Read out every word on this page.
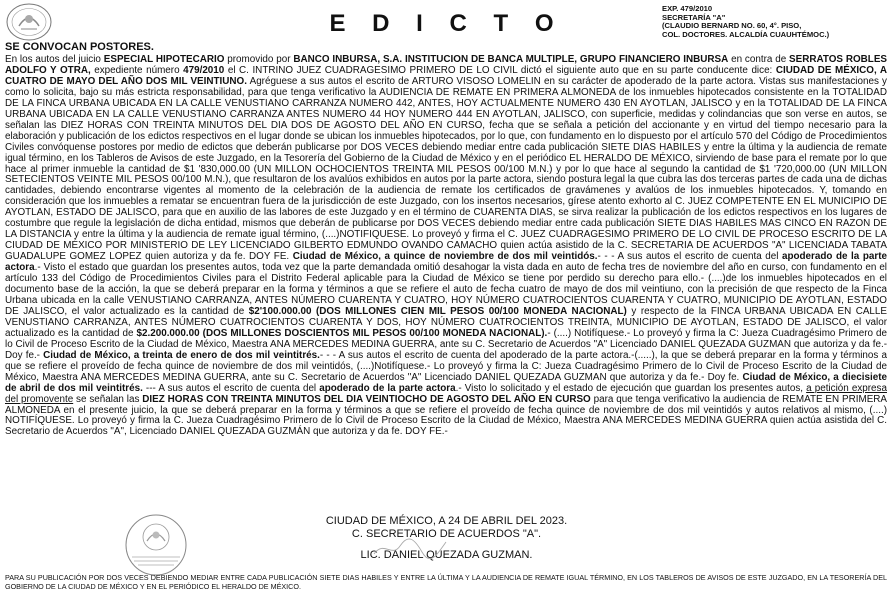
E D I C T O
EXP. 479/2010
SECRETARÍA "A"
(CLAUDIO BERNARD NO. 60, 4°. PISO,
COL. DOCTORES. ALCALDÍA CUAUHTÉMOC.)
SE CONVOCAN POSTORES.
En los autos del juicio ESPECIAL HIPOTECARIO promovido por BANCO INBURSA, S.A. INSTITUCION DE BANCA MULTIPLE, GRUPO FINANCIERO INBURSA en contra de SERRATOS ROBLES ADOLFO Y OTRA, expediente número 479/2010 el C. INTRINO JUEZ CUADRAGESIMO PRIMERO DE LO CIVIL dictó el siguiente auto que en su parte conducente dice: CIUDAD DE MÉXICO, A CUATRO DE MAYO DEL AÑO DOS MIL VEINTIUNO. Agréguese a sus autos el escrito de ARTURO VISOSO LOMELIN en su carácter de apoderado de la parte actora. Vistas sus manifestaciones y como lo solicita, bajo su más estricta responsabilidad, para que tenga verificativo la AUDIENCIA DE REMATE EN PRIMERA ALMONEDA de los inmuebles hipotecados consistente en la TOTALIDAD DE LA FINCA URBANA UBICADA EN LA CALLE VENUSTIANO CARRANZA NUMERO 442, ANTES, HOY ACTUALMENTE NUMERO 430 EN AYOTLAN, JALISCO y en la TOTALIDAD DE LA FINCA URBANA UBICADA EN LA CALLE VENUSTIANO CARRANZA ANTES NUMERO 44 HOY NUMERO 444 EN AYOTLAN, JALISCO, con superficie, medidas y colindancias que son verse en autos, se señalan las DIEZ HORAS CON TREINTA MINUTOS DEL DIA DOS DE AGOSTO DEL AÑO EN CURSO, fecha que se señala a petición del accionante y en virtud del tiempo necesario para la elaboración y publicación de los edictos respectivos en el lugar donde se ubican los inmuebles hipotecados, por lo que, con fundamento en lo dispuesto por el artículo 570 del Código de Procedimientos Civiles convóquense postores por medio de edictos que deberán publicarse por DOS VECES debiendo mediar entre cada publicación SIETE DIAS HABILES y entre la última y la audiencia de remate igual término, en los Tableros de Avisos de este Juzgado, en la Tesorería del Gobierno de la Ciudad de México y en el periódico EL HERALDO DE MÉXICO, sirviendo de base para el remate por lo que hace al primer inmueble la cantidad de $1 '830,000.00 (UN MILLON OCHOCIENTOS TREINTA MIL PESOS 00/100 M.N.) y por lo que hace al segundo la cantidad de $1 '720,000.00 (UN MILLON SETECIENTOS VEINTE MIL PESOS 00/100 M.N.), que resultaron de los avalúos exhibidos en autos por la parte actora, siendo postura legal la que cubra las dos terceras partes de cada una de dichas cantidades, debiendo encontrarse vigentes al momento de la celebración de la audiencia de remate los certificados de gravámenes y avalúos de los inmuebles hipotecados. Y, tomando en consideración que los inmuebles a rematar se encuentran fuera de la jurisdicción de este Juzgado, con los insertos necesarios, gírese atento exhorto al C. JUEZ COMPETENTE EN EL MUNICIPIO DE AYOTLAN, ESTADO DE JALISCO, para que en auxilio de las labores de este Juzgado y en el término de CUARENTA DIAS, se sirva realizar la publicación de los edictos respectivos en los lugares de costumbre que regule la legislación de dicha entidad, mismos que deberán de publicarse por DOS VECES debiendo mediar entre cada publicación SIETE DIAS HABILES MAS CINCO EN RAZON DE LA DISTANCIA y entre la última y la audiencia de remate igual término, (....)NOTIFIQUESE. Lo proveyó y firma el C. JUEZ CUADRAGESIMO PRIMERO DE LO CIVIL DE PROCESO ESCRITO DE LA CIUDAD DE MÉXICO POR MINISTERIO DE LEY LICENCIADO GILBERTO EDMUNDO OVANDO CAMACHO quien actúa asistido de la C. SECRETARIA DE ACUERDOS "A" LICENCIADA TABATA GUADALUPE GOMEZ LOPEZ quien autoriza y da fe. DOY FE. Ciudad de México, a quince de noviembre de dos mil veintidós.- - - A sus autos el escrito de cuenta del apoderado de la parte actora.- Visto el estado que guardan los presentes autos, toda vez que la parte demandada omitió desahogar la vista dada en auto de fecha tres de noviembre del año en curso, con fundamento en el artículo 133 del Código de Procedimientos Civiles para el Distrito Federal aplicable para la Ciudad de México se tiene por perdido su derecho para ello.- (....)de los inmuebles hipotecados en el documento base de la acción, la que se deberá preparar en la forma y términos a que se refiere el auto de fecha cuatro de mayo de dos mil veintiuno, con la precisión de que respecto de la Finca Urbana ubicada en la calle VENUSTIANO CARRANZA, ANTES NÚMERO CUARENTA Y CUATRO, HOY NÚMERO CUATROCIENTOS CUARENTA Y CUATRO, MUNICIPIO DE AYOTLAN, ESTADO DE JALISCO, el valor actualizado es la cantidad de $2'100.000.00 (DOS MILLONES CIEN MIL PESOS 00/100 MONEDA NACIONAL) y respecto de la FINCA URBANA UBICADA EN CALLE VENUSTIANO CARRANZA, ANTES NÚMERO CUATROCIENTOS CUARENTA Y DOS, HOY NÚMERO CUATROCIENTOS TREINTA, MUNICIPIO DE AYOTLAN, ESTADO DE JALISCO, el valor actualizado es la cantidad de $2.200.000.00 (DOS MILLONES DOSCIENTOS MIL PESOS 00/100 MONEDA NACIONAL).- (....) Notifíquese.- Lo proveyó y firma la C: Jueza Cuadragésimo Primero de lo Civil de Proceso Escrito de la Ciudad de México, Maestra ANA MERCEDES MEDINA GUERRA, ante su C. Secretario de Acuerdos "A" Licenciado DANIEL QUEZADA GUZMAN que autoriza y da fe.- Doy fe.- Ciudad de México, a treinta de enero de dos mil veintitrés.- - - A sus autos el escrito de cuenta del apoderado de la parte actora.-(.....), la que se deberá preparar en la forma y términos a que se refiere el proveído de fecha quince de noviembre de dos mil veintidós, (....)Notifíquese.- Lo proveyó y firma la C: Jueza Cuadragésimo Primero de lo Civil de Proceso Escrito de la Ciudad de México, Maestra ANA MERCEDES MEDINA GUERRA, ante su C. Secretario de Acuerdos "A" Licenciado DANIEL QUEZADA GUZMAN que autoriza y da fe.- Doy fe. Ciudad de México, a diecisiete de abril de dos mil veintitrés. --- A sus autos el escrito de cuenta del apoderado de la parte actora.- Visto lo solicitado y el estado de ejecución que guardan los presentes autos, a petición expresa del promovente se señalan las DIEZ HORAS CON TREINTA MINUTOS DEL DIA VEINTIOCHO DE AGOSTO DEL AÑO EN CURSO para que tenga verificativo la audiencia de REMATE EN PRIMERA ALMONEDA en el presente juicio, la que se deberá preparar en la forma y términos a que se refiere el proveído de fecha quince de noviembre de dos mil veintidós y autos relativos al mismo, (....) NOTIFÍQUESE. Lo proveyó y firma la C. Jueza Cuadragésimo Primero de lo Civil de Proceso Escrito de la Ciudad de México, Maestra ANA MERCEDES MEDINA GUERRA quien actúa asistida del C. Secretario de Acuerdos "A", Licenciado DANIEL QUEZADA GUZMÁN que autoriza y da fe. DOY FE.-
CIUDAD DE MÉXICO, A 24 DE ABRIL DEL 2023.
C. SECRETARIO DE ACUERDOS "A".
LIC. DANIEL QUEZADA GUZMAN.
PARA SU PUBLICACIÓN POR DOS VECES DEBIENDO MEDIAR ENTRE CADA PUBLICACIÓN SIETE DIAS HABILES Y ENTRE LA ÚLTIMA Y LA AUDIENCIA DE REMATE IGUAL TÉRMINO, EN LOS TABLEROS DE AVISOS DE ESTE JUZGADO, EN LA TESORERÍA DEL GOBIERNO DE LA CIUDAD DE MÉXICO Y EN EL PERIÓDICO EL HERALDO DE MÉXICO.
